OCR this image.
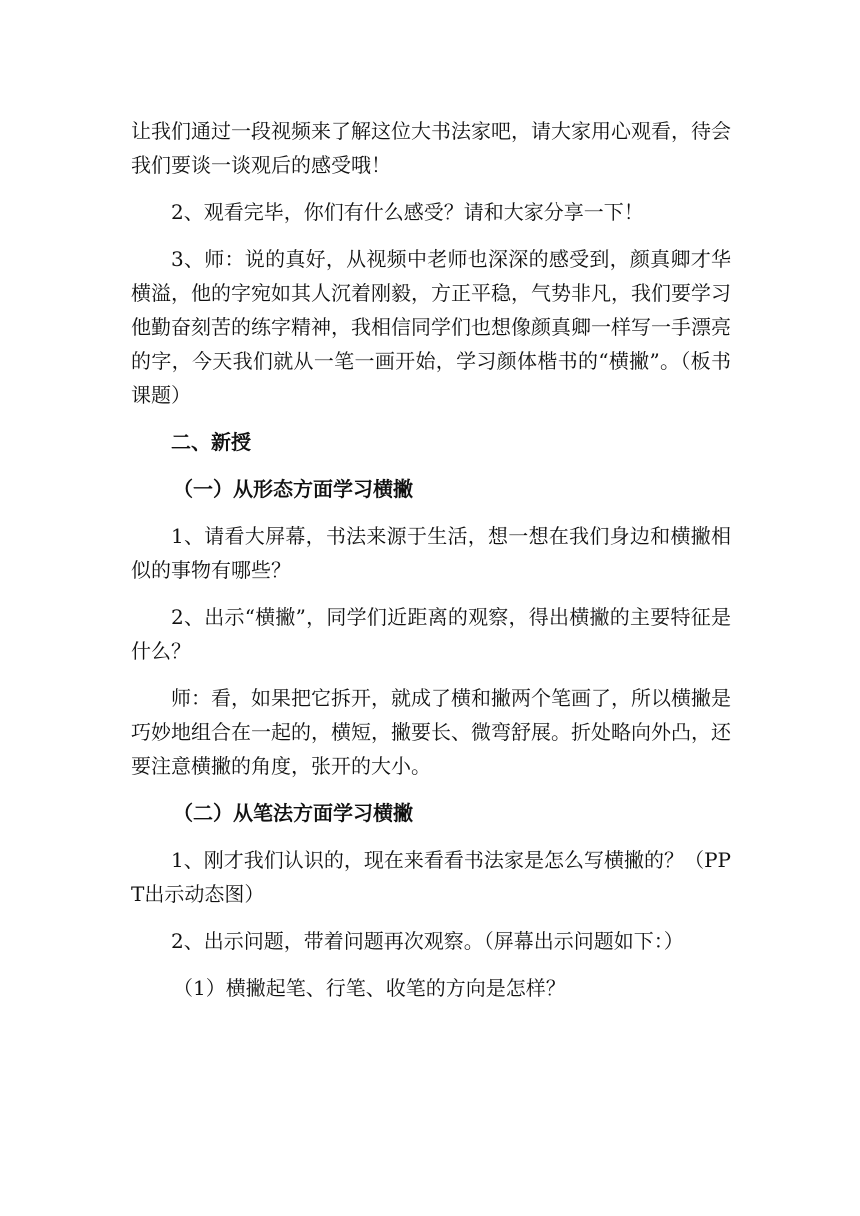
让我们通过一段视频来了解这位大书法家吧，请大家用心观看，待会我们要谈一谈观后的感受哦！

2、观看完毕，你们有什么感受？请和大家分享一下！

3、师：说的真好，从视频中老师也深深的感受到，颜真卿才华横溢，他的字宛如其人沉着刚毅，方正平稳，气势非凡，我们要学习他勤奋刻苦的练字精神，我相信同学们也想像颜真卿一样写一手漂亮的字，今天我们就从一笔一画开始，学习颜体楷书的“横撇”。（板书课题）

二、新授

（一）从形态方面学习横撇

1、请看大屏幕，书法来源于生活，想一想在我们身边和横撇相似的事物有哪些？

2、出示“横撇”，同学们近距离的观察，得出横撇的主要特征是什么？

师：看，如果把它拆开，就成了横和撇两个笔画了，所以横撇是巧妙地组合在一起的，横短，撇要长、微弯舒展。折处略向外凸，还要注意横撇的角度，张开的大小。

（二）从笔法方面学习横撇

1、刚才我们认识的，现在来看看书法家是怎么写横撇的？（PPT出示动态图）

2、出示问题，带着问题再次观察。（屏幕出示问题如下：）

（1）横撇起笔、行笔、收笔的方向是怎样？
